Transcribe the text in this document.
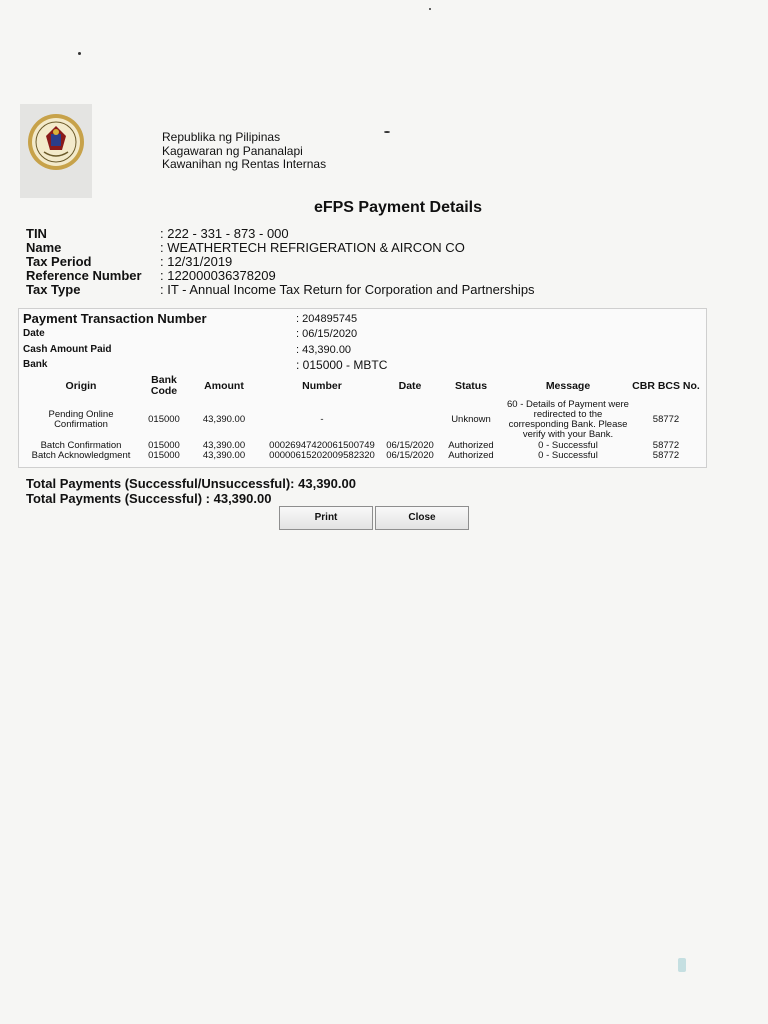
Republika ng Pilipinas
Kagawaran ng Pananalapi
Kawanihan ng Rentas Internas
eFPS Payment Details
TIN	: 222 - 331 - 873 - 000
Name	: WEATHERTECH REFRIGERATION & AIRCON CO
Tax Period	: 12/31/2019
Reference Number	: 122000036378209
Tax Type	: IT - Annual Income Tax Return for Corporation and Partnerships
Payment Transaction Number	: 204895745
Date	: 06/15/2020
Cash Amount Paid	: 43,390.00
Bank	: 015000 - MBTC
Origin	Bank Code	Amount	Number	Date	Status	Message	CBR BCS No.
Pending Online Confirmation	015000	43,390.00	-		Unknown	60 - Details of Payment were redirected to the corresponding Bank. Please verify with your Bank.	58772
Batch Confirmation	015000	43,390.00	00026947420061500749	06/15/2020	Authorized	0 - Successful	58772
Batch Acknowledgment	015000	43,390.00	00000615202009582320	06/15/2020	Authorized	0 - Successful	58772
Total Payments (Successful/Unsuccessful): 43,390.00
Total Payments (Successful) : 43,390.00
Print	Close
